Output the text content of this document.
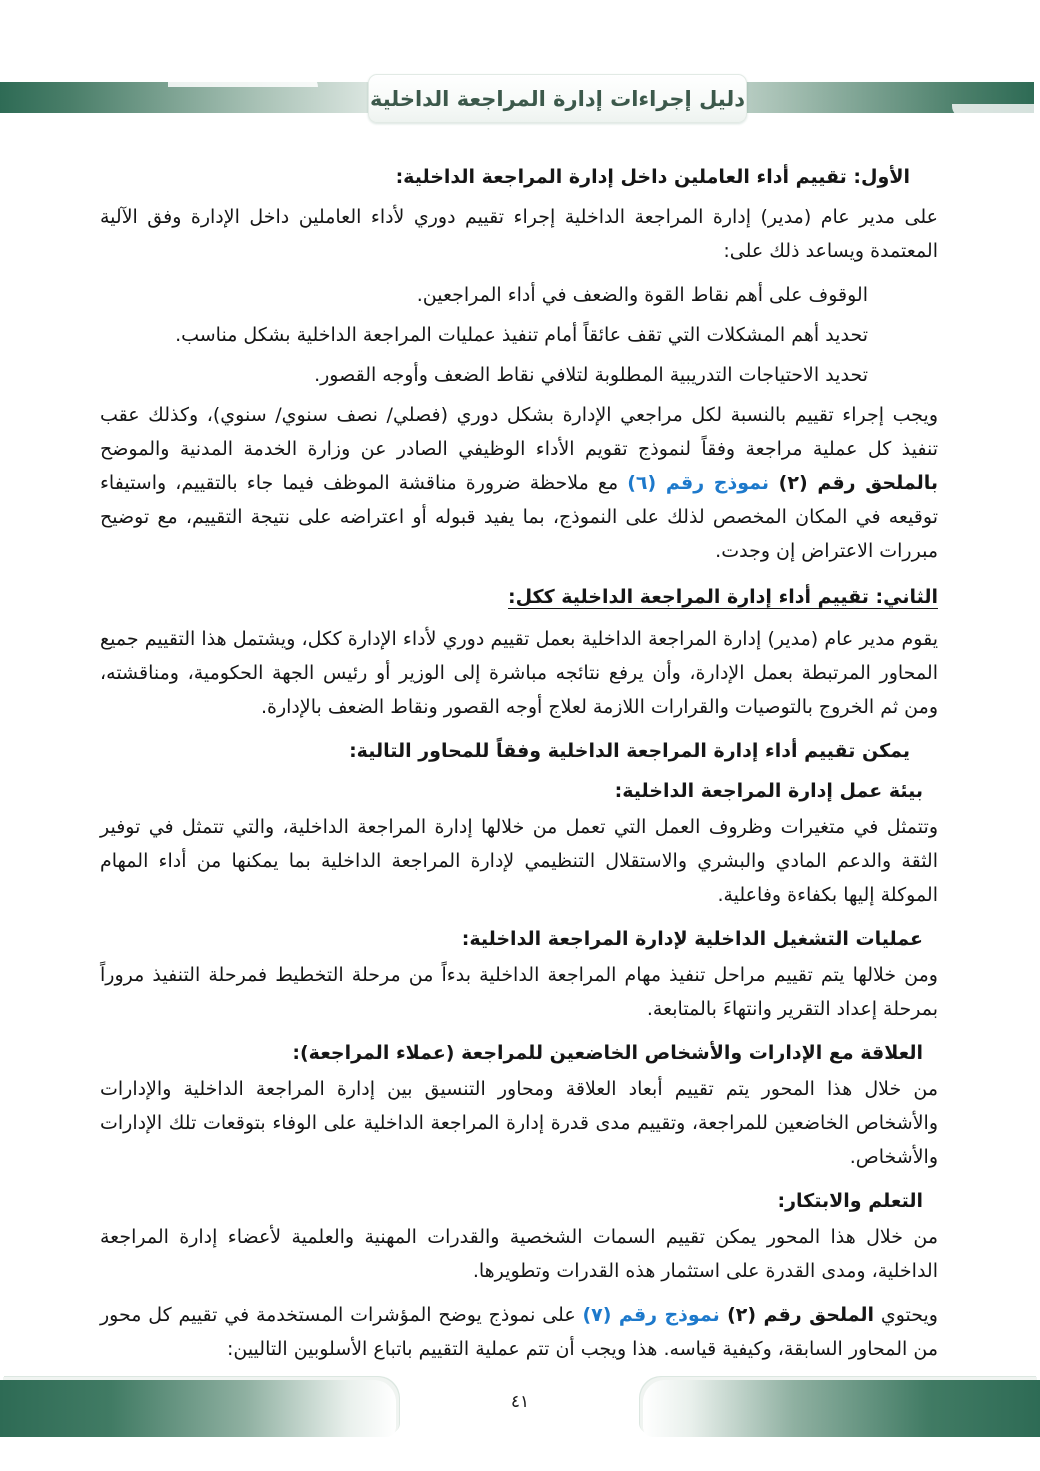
دليل إجراءات إدارة المراجعة الداخلية
الأول: تقييم أداء العاملين داخل إدارة المراجعة الداخلية:
على مدير عام (مدير) إدارة المراجعة الداخلية إجراء تقييم دوري لأداء العاملين داخل الإدارة وفق الآلية المعتمدة ويساعد ذلك على:
الوقوف على أهم نقاط القوة والضعف في أداء المراجعين.
تحديد أهم المشكلات التي تقف عائقاً أمام تنفيذ عمليات المراجعة الداخلية بشكل مناسب.
تحديد الاحتياجات التدريبية المطلوبة لتلافي نقاط الضعف وأوجه القصور.
ويجب إجراء تقييم بالنسبة لكل مراجعي الإدارة بشكل دوري (فصلي/ نصف سنوي/ سنوي)، وكذلك عقب تنفيذ كل عملية مراجعة وفقاً لنموذج تقويم الأداء الوظيفي الصادر عن وزارة الخدمة المدنية والموضح بالملحق رقم (٢) نموذج رقم (٦) مع ملاحظة ضرورة مناقشة الموظف فيما جاء بالتقييم، واستيفاء توقيعه في المكان المخصص لذلك على النموذج، بما يفيد قبوله أو اعتراضه على نتيجة التقييم، مع توضيح مبررات الاعتراض إن وجدت.
الثاني: تقييم أداء إدارة المراجعة الداخلية ككل:
يقوم مدير عام (مدير) إدارة المراجعة الداخلية بعمل تقييم دوري لأداء الإدارة ككل، ويشتمل هذا التقييم جميع المحاور المرتبطة بعمل الإدارة، وأن يرفع نتائجه مباشرة إلى الوزير أو رئيس الجهة الحكومية، ومناقشته، ومن ثم الخروج بالتوصيات والقرارات اللازمة لعلاج أوجه القصور ونقاط الضعف بالإدارة.
يمكن تقييم أداء إدارة المراجعة الداخلية وفقاً للمحاور التالية:
بيئة عمل إدارة المراجعة الداخلية:
وتتمثل في متغيرات وظروف العمل التي تعمل من خلالها إدارة المراجعة الداخلية، والتي تتمثل في توفير الثقة والدعم المادي والبشري والاستقلال التنظيمي لإدارة المراجعة الداخلية بما يمكنها من أداء المهام الموكلة إليها بكفاءة وفاعلية.
عمليات التشغيل الداخلية لإدارة المراجعة الداخلية:
ومن خلالها يتم تقييم مراحل تنفيذ مهام المراجعة الداخلية بدءاً من مرحلة التخطيط فمرحلة التنفيذ مروراً بمرحلة إعداد التقرير وانتهاءَ بالمتابعة.
العلاقة مع الإدارات والأشخاص الخاضعين للمراجعة (عملاء المراجعة):
من خلال هذا المحور يتم تقييم أبعاد العلاقة ومحاور التنسيق بين إدارة المراجعة الداخلية والإدارات والأشخاص الخاضعين للمراجعة، وتقييم مدى قدرة إدارة المراجعة الداخلية على الوفاء بتوقعات تلك الإدارات والأشخاص.
التعلم والابتكار:
من خلال هذا المحور يمكن تقييم السمات الشخصية والقدرات المهنية والعلمية لأعضاء إدارة المراجعة الداخلية، ومدى القدرة على استثمار هذه القدرات وتطويرها.
ويحتوي الملحق رقم (٢) نموذج رقم (٧) على نموذج يوضح المؤشرات المستخدمة في تقييم كل محور من المحاور السابقة، وكيفية قياسه. هذا ويجب أن تتم عملية التقييم باتباع الأسلوبين التاليين:
٤١
